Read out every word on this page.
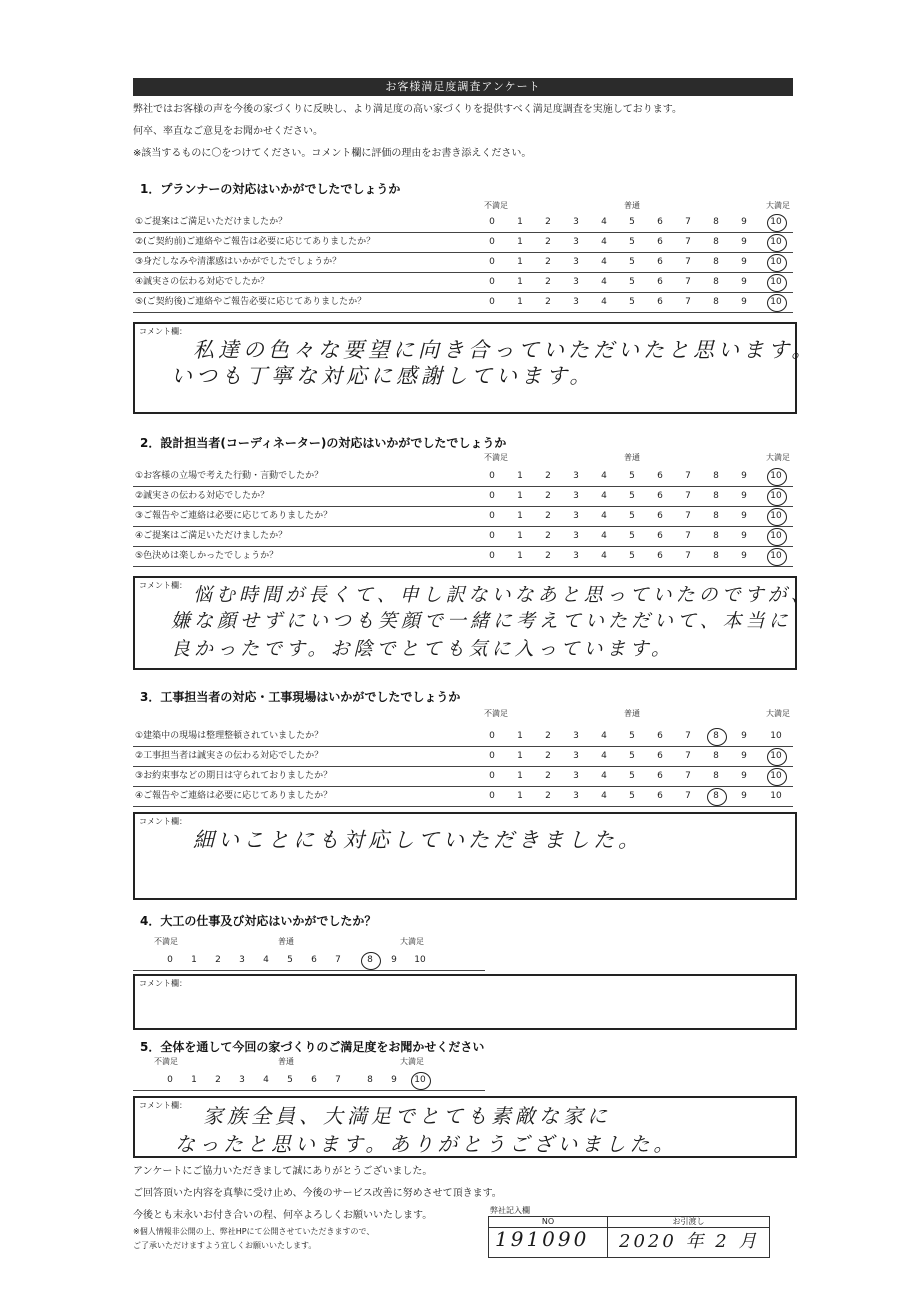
お客様満足度調査アンケート
弊社ではお客様の声を今後の家づくりに反映し、より満足度の高い家づくりを提供すべく満足度調査を実施しております。
何卒、率直なご意見をお聞かせください。
※該当するものに〇をつけてください。コメント欄に評価の理由をお書き添えください。
1．プランナーの対応はいかがでしたでしょうか
不満足	普通	大満足
①ご提案はご満足いただけましたか？	0	1	2	3	4	5	6	7	8	9	10
②(ご契約前)ご連絡やご報告は必要に応じてありましたか？	0	1	2	3	4	5	6	7	8	9	10
③身だしなみや清潔感はいかがでしたでしょうか？	0	1	2	3	4	5	6	7	8	9	10
④誠実さの伝わる対応でしたか？	0	1	2	3	4	5	6	7	8	9	10
⑤(ご契約後)ご連絡やご報告必要に応じてありましたか？	0	1	2	3	4	5	6	7	8	9	10
コメント欄：
私達の色々な要望に向き合っていただいたと思います。
いつも丁寧な対応に感謝しています。
2．設計担当者(コーディネーター)の対応はいかがでしたでしょうか
不満足	普通	大満足
①お客様の立場で考えた行動・言動でしたか？	0	1	2	3	4	5	6	7	8	9	10
②誠実さの伝わる対応でしたか？	0	1	2	3	4	5	6	7	8	9	10
③ご報告やご連絡は必要に応じてありましたか？	0	1	2	3	4	5	6	7	8	9	10
④ご提案はご満足いただけましたか？	0	1	2	3	4	5	6	7	8	9	10
⑤色決めは楽しかったでしょうか？	0	1	2	3	4	5	6	7	8	9	10
コメント欄： 悩む時間が長くて、申し訳ないなあと思っていたのですが、
嫌な顔せずにいつも笑顔で一緒に考えていただいて、本当に
良かったです。お陰でとても気に入っています。
3．工事担当者の対応・工事現場はいかがでしたでしょうか
不満足	普通	大満足
①建築中の現場は整理整頓されていましたか？	0	1	2	3	4	5	6	7	8	9	10
②工事担当者は誠実さの伝わる対応でしたか？	0	1	2	3	4	5	6	7	8	9	10
③お約束事などの期日は守られておりましたか？	0	1	2	3	4	5	6	7	8	9	10
④ご報告やご連絡は必要に応じてありましたか？	0	1	2	3	4	5	6	7	8	9	10
コメント欄：
細いことにも対応していただきました。
4．大工の仕事及び対応はいかがでしたか？
不満足	普通	大満足
0	1	2	3	4	5	6	7	8	9	10
コメント欄：
5．全体を通して今回の家づくりのご満足度をお聞かせください
不満足	普通	大満足
0	1	2	3	4	5	6	7	8	9	10
コメント欄： 家族全員、大満足でとても素敵な家に
なったと思います。ありがとうございました。
アンケートにご協力いただきまして誠にありがとうございました。
ご回答頂いた内容を真摯に受け止め、今後のサービス改善に努めさせて頂きます。
今後とも末永いお付き合いの程、何卒よろしくお願いいたします。
※個人情報非公開の上、弊社HPにて公開させていただきますので、
ご了承いただけますよう宜しくお願いいたします。
弊社記入欄
NO	お引渡し
191090 2020 年 2 月
